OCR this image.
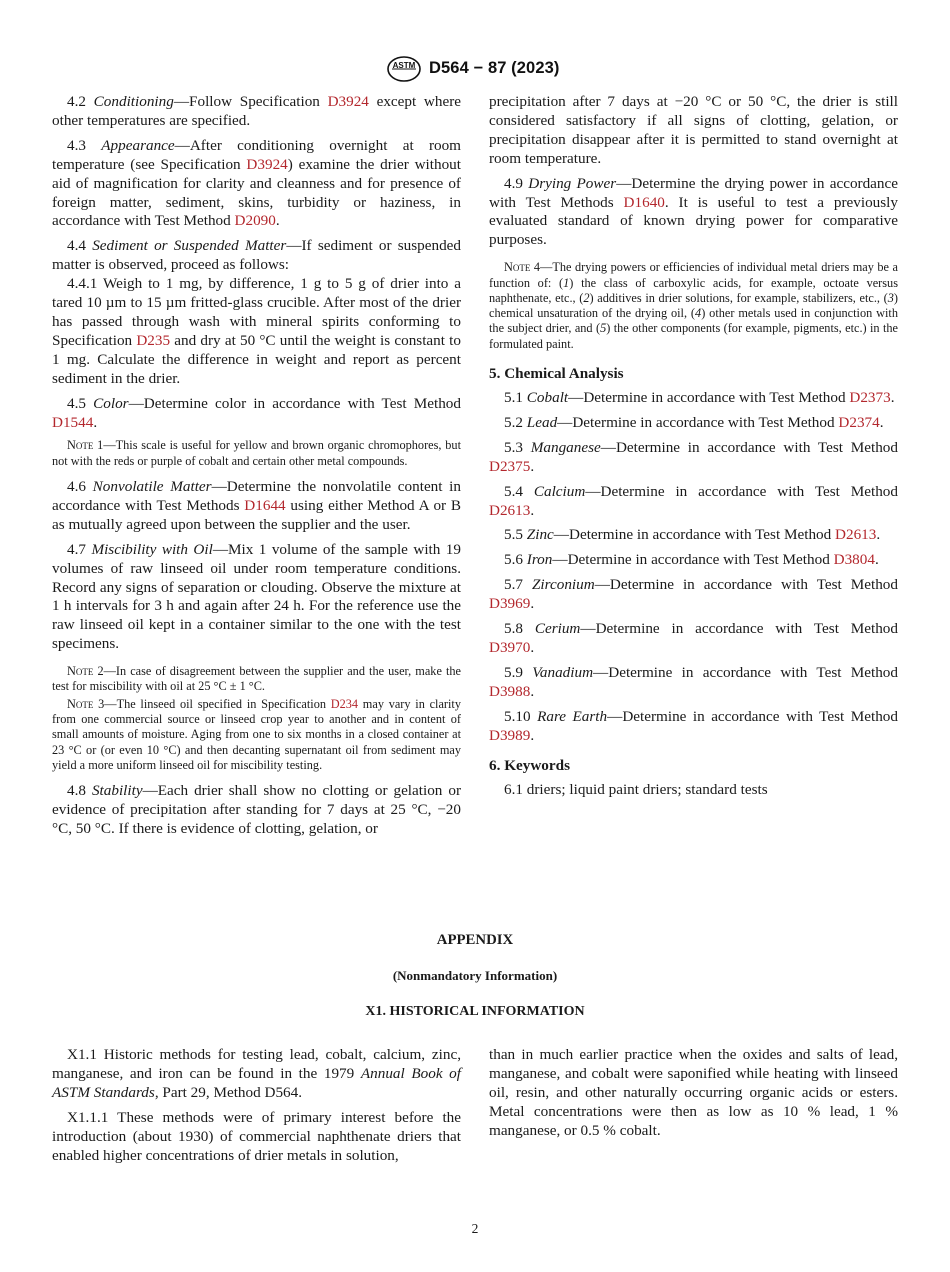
ASTM D564 − 87 (2023)

4.2 Conditioning—Follow Specification D3924 except where other temperatures are specified.

4.3 Appearance—After conditioning overnight at room temperature (see Specification D3924) examine the drier without aid of magnification for clarity and cleanness and for presence of foreign matter, sediment, skins, turbidity or haziness, in accordance with Test Method D2090.

4.4 Sediment or Suspended Matter—If sediment or suspended matter is observed, proceed as follows:

4.4.1 Weigh to 1 mg, by difference, 1 g to 5 g of drier into a tared 10 µm to 15 µm fritted-glass crucible. After most of the drier has passed through wash with mineral spirits conforming to Specification D235 and dry at 50 °C until the weight is constant to 1 mg. Calculate the difference in weight and report as percent sediment in the drier.

4.5 Color—Determine color in accordance with Test Method D1544.

Note 1—This scale is useful for yellow and brown organic chromophores, but not with the reds or purple of cobalt and certain other metal compounds.

4.6 Nonvolatile Matter—Determine the nonvolatile content in accordance with Test Methods D1644 using either Method A or B as mutually agreed upon between the supplier and the user.

4.7 Miscibility with Oil—Mix 1 volume of the sample with 19 volumes of raw linseed oil under room temperature conditions. Record any signs of separation or clouding. Observe the mixture at 1 h intervals for 3 h and again after 24 h. For the reference use the raw linseed oil kept in a container similar to the one with the test specimens.

Note 2—In case of disagreement between the supplier and the user, make the test for miscibility with oil at 25 °C ± 1 °C.

Note 3—The linseed oil specified in Specification D234 may vary in clarity from one commercial source or linseed crop year to another and in content of small amounts of moisture. Aging from one to six months in a closed container at 23 °C or (or even 10 °C) and then decanting supernatant oil from sediment may yield a more uniform linseed oil for miscibility testing.

4.8 Stability—Each drier shall show no clotting or gelation or evidence of precipitation after standing for 7 days at 25 °C, −20 °C, 50 °C. If there is evidence of clotting, gelation, or

precipitation after 7 days at −20 °C or 50 °C, the drier is still considered satisfactory if all signs of clotting, gelation, or precipitation disappear after it is permitted to stand overnight at room temperature.

4.9 Drying Power—Determine the drying power in accordance with Test Methods D1640. It is useful to test a previously evaluated standard of known drying power for comparative purposes.

Note 4—The drying powers or efficiencies of individual metal driers may be a function of: (1) the class of carboxylic acids, for example, octoate versus naphthenate, etc., (2) additives in drier solutions, for example, stabilizers, etc., (3) chemical unsaturation of the drying oil, (4) other metals used in conjunction with the subject drier, and (5) the other components (for example, pigments, etc.) in the formulated paint.

5. Chemical Analysis

5.1 Cobalt—Determine in accordance with Test Method D2373.

5.2 Lead—Determine in accordance with Test Method D2374.

5.3 Manganese—Determine in accordance with Test Method D2375.

5.4 Calcium—Determine in accordance with Test Method D2613.

5.5 Zinc—Determine in accordance with Test Method D2613.

5.6 Iron—Determine in accordance with Test Method D3804.

5.7 Zirconium—Determine in accordance with Test Method D3969.

5.8 Cerium—Determine in accordance with Test Method D3970.

5.9 Vanadium—Determine in accordance with Test Method D3988.

5.10 Rare Earth—Determine in accordance with Test Method D3989.

6. Keywords

6.1 driers; liquid paint driers; standard tests

APPENDIX
(Nonmandatory Information)
X1. HISTORICAL INFORMATION

X1.1 Historic methods for testing lead, cobalt, calcium, zinc, manganese, and iron can be found in the 1979 Annual Book of ASTM Standards, Part 29, Method D564.

X1.1.1 These methods were of primary interest before the introduction (about 1930) of commercial naphthenate driers that enabled higher concentrations of drier metals in solution,

than in much earlier practice when the oxides and salts of lead, manganese, and cobalt were saponified while heating with linseed oil, resin, and other naturally occurring organic acids or esters. Metal concentrations were then as low as 10 % lead, 1 % manganese, or 0.5 % cobalt.

2
